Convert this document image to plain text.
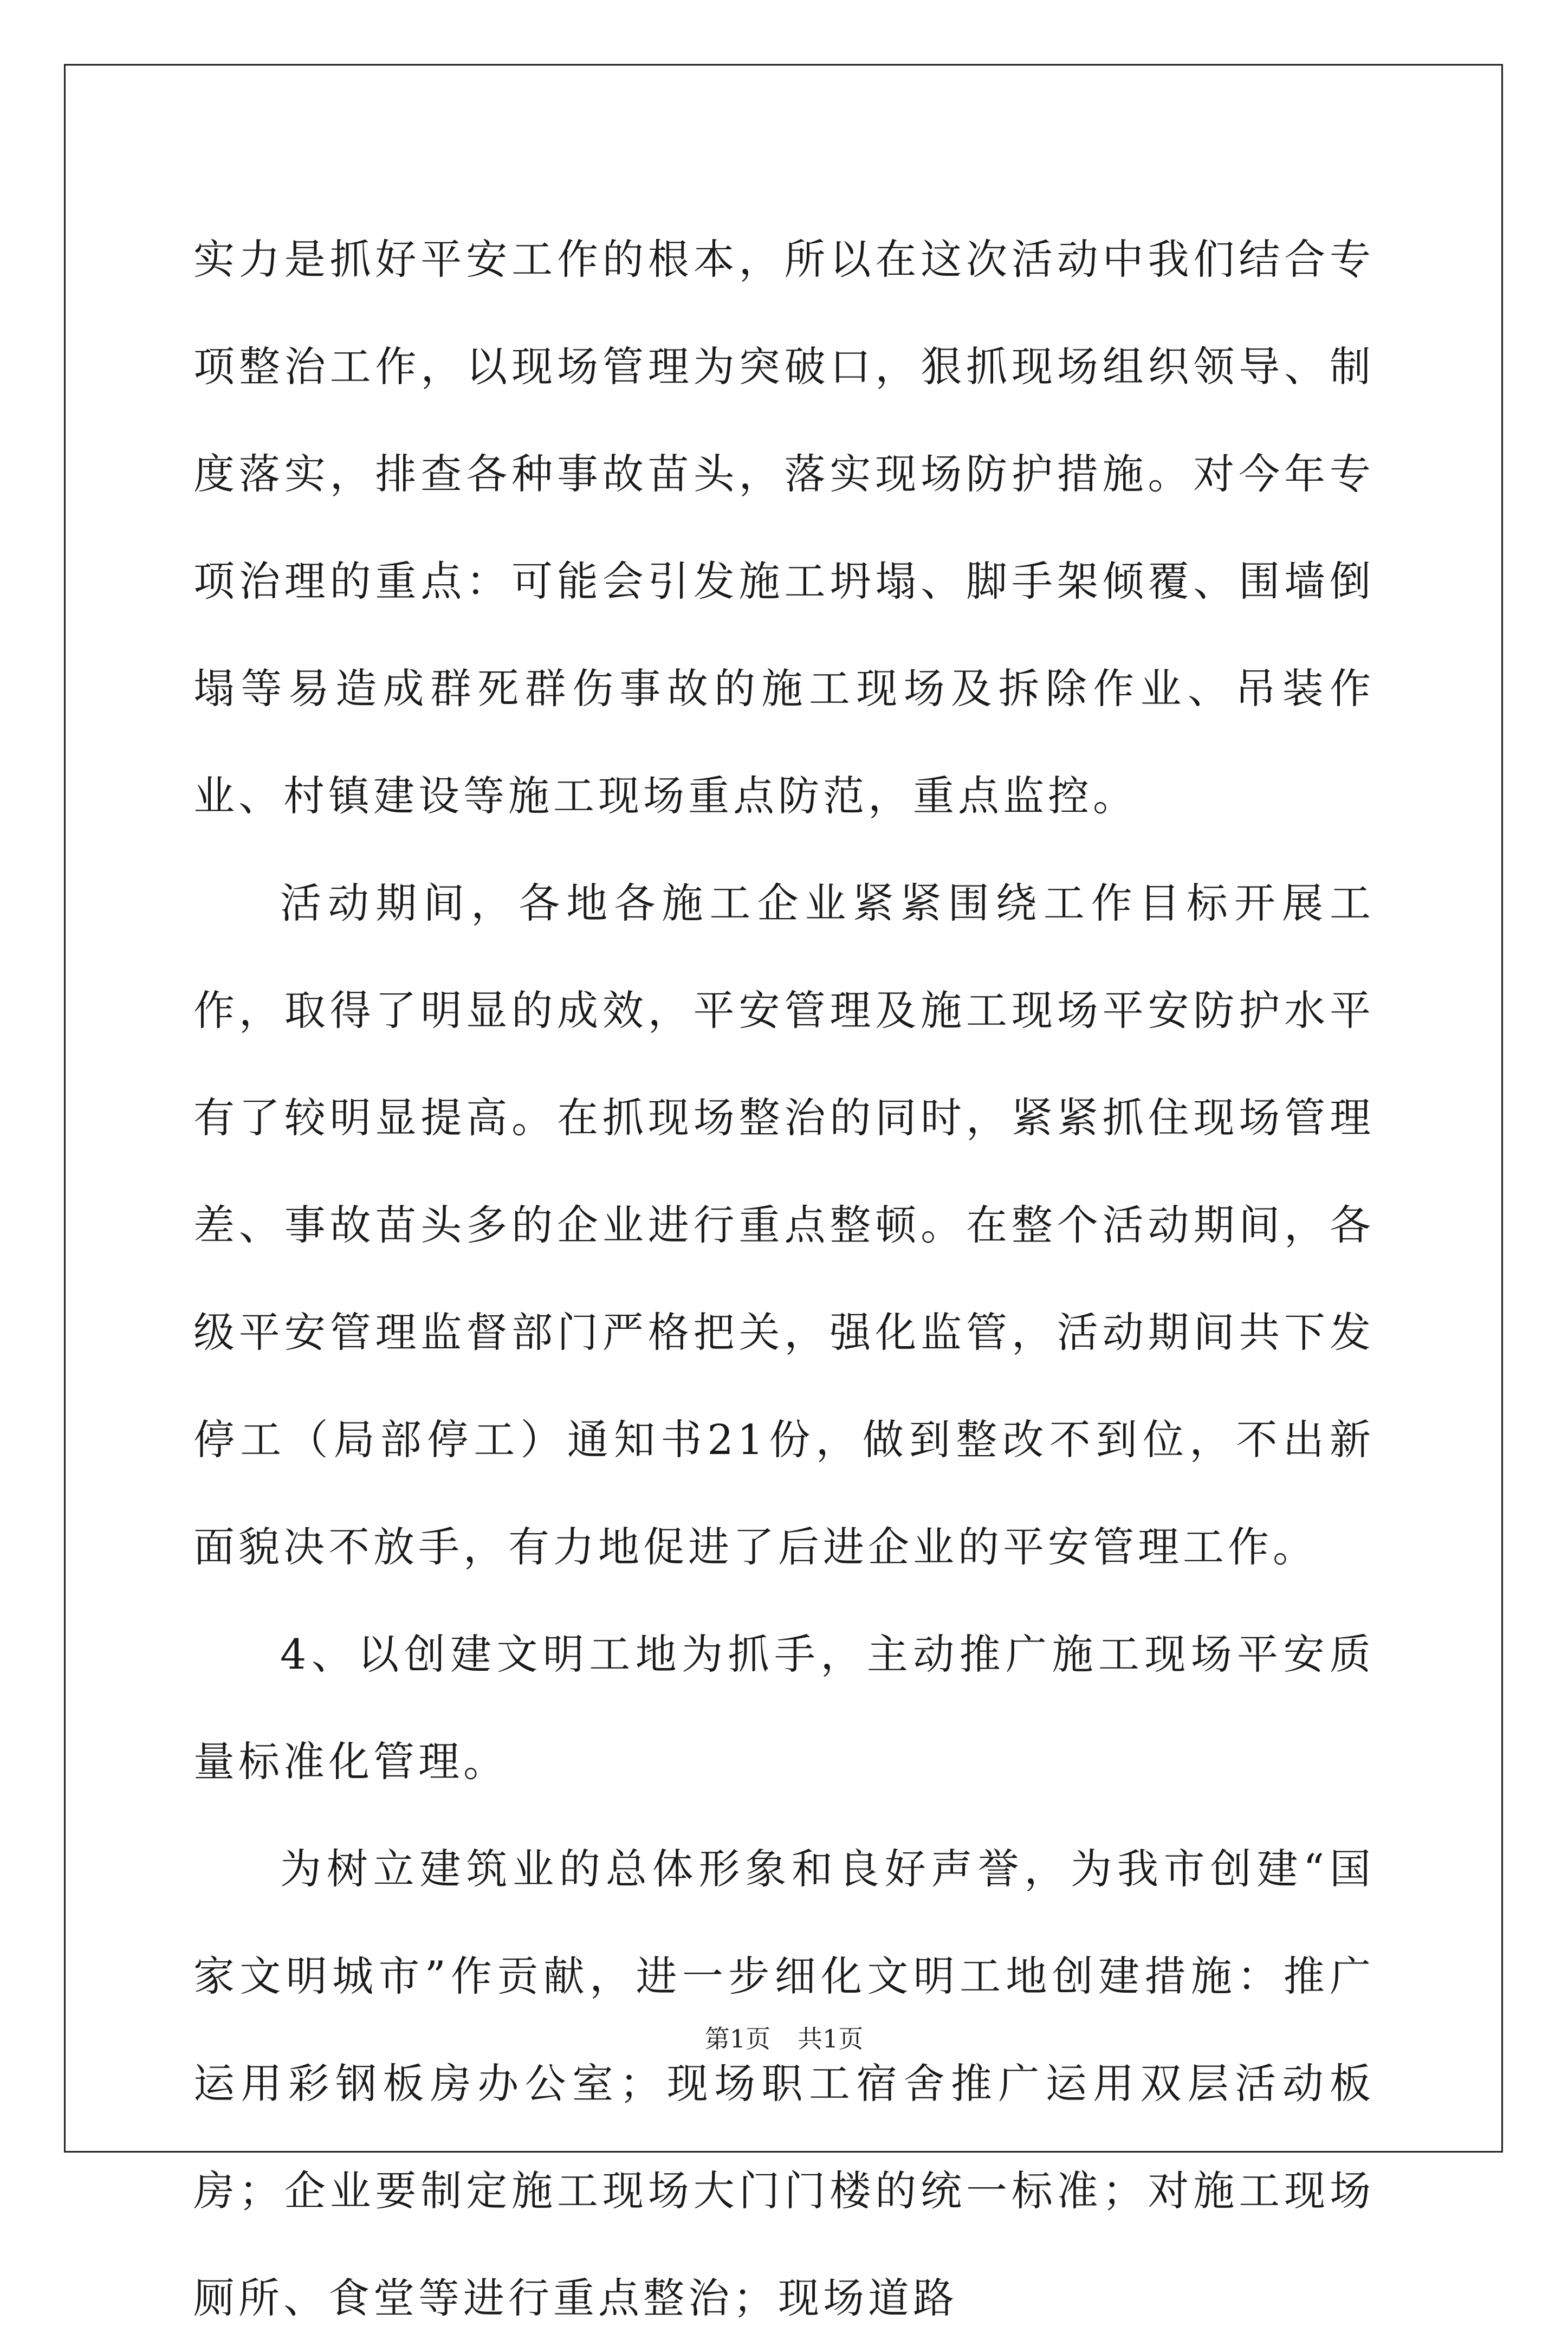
实力是抓好平安工作的根本，所以在这次活动中我们结合专项整治工作，以现场管理为突破口，狠抓现场组织领导、制度落实，排查各种事故苗头，落实现场防护措施。对今年专项治理的重点：可能会引发施工坍塌、脚手架倾覆、围墙倒塌等易造成群死群伤事故的施工现场及拆除作业、吊装作业、村镇建设等施工现场重点防范，重点监控。

活动期间，各地各施工企业紧紧围绕工作目标开展工作，取得了明显的成效，平安管理及施工现场平安防护水平有了较明显提高。在抓现场整治的同时，紧紧抓住现场管理差、事故苗头多的企业进行重点整顿。在整个活动期间，各级平安管理监督部门严格把关，强化监管，活动期间共下发停工（局部停工）通知书21份，做到整改不到位，不出新面貌决不放手，有力地促进了后进企业的平安管理工作。

4、以创建文明工地为抓手，主动推广施工现场平安质量标准化管理。

为树立建筑业的总体形象和良好声誉，为我市创建“国家文明城市”作贡献，进一步细化文明工地创建措施：推广运用彩钢板房办公室；现场职工宿舍推广运用双层活动板房；企业要制定施工现场大门门楼的统一标准；对施工现场厕所、食堂等进行重点整治；现场道路

第1页 共1页
